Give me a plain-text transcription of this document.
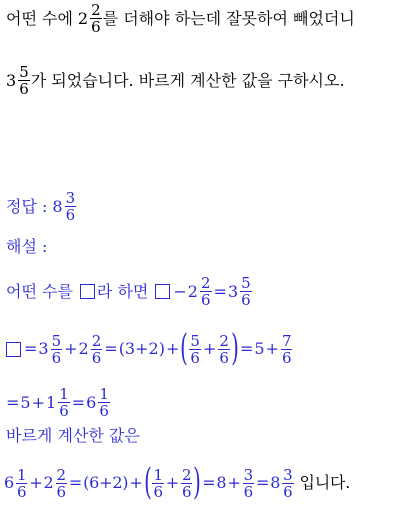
어떤 수에 $2 \frac{2}{6}$ 를 더해야 하는데 잘못하여 빼었더니
$3 \frac{5}{6}$ 가 되었습니다. 바르게 계산한 값을 구하시오.
정답 : $8 \frac{3}{6}$
해설 :
어떤 수를 라 하면 − $2 \frac{2}{6} = 3 \frac{5}{6}$
= $3 \frac{5}{6} + 2 \frac{2}{6} = (3+2)$ + ( $\frac{5}{6} + \frac{2}{6}$ ) = $5 + \frac{7}{6}$
= $5 + 1 \frac{1}{6} = 6 \frac{1}{6}$
바르게 계산한 값은
$6 \frac{1}{6} + 2 \frac{2}{6} = (6+2)$ + ( $\frac{1}{6} + \frac{2}{6}$ ) = $8 + \frac{3}{6} = 8 \frac{3}{6}$ 입니다.
